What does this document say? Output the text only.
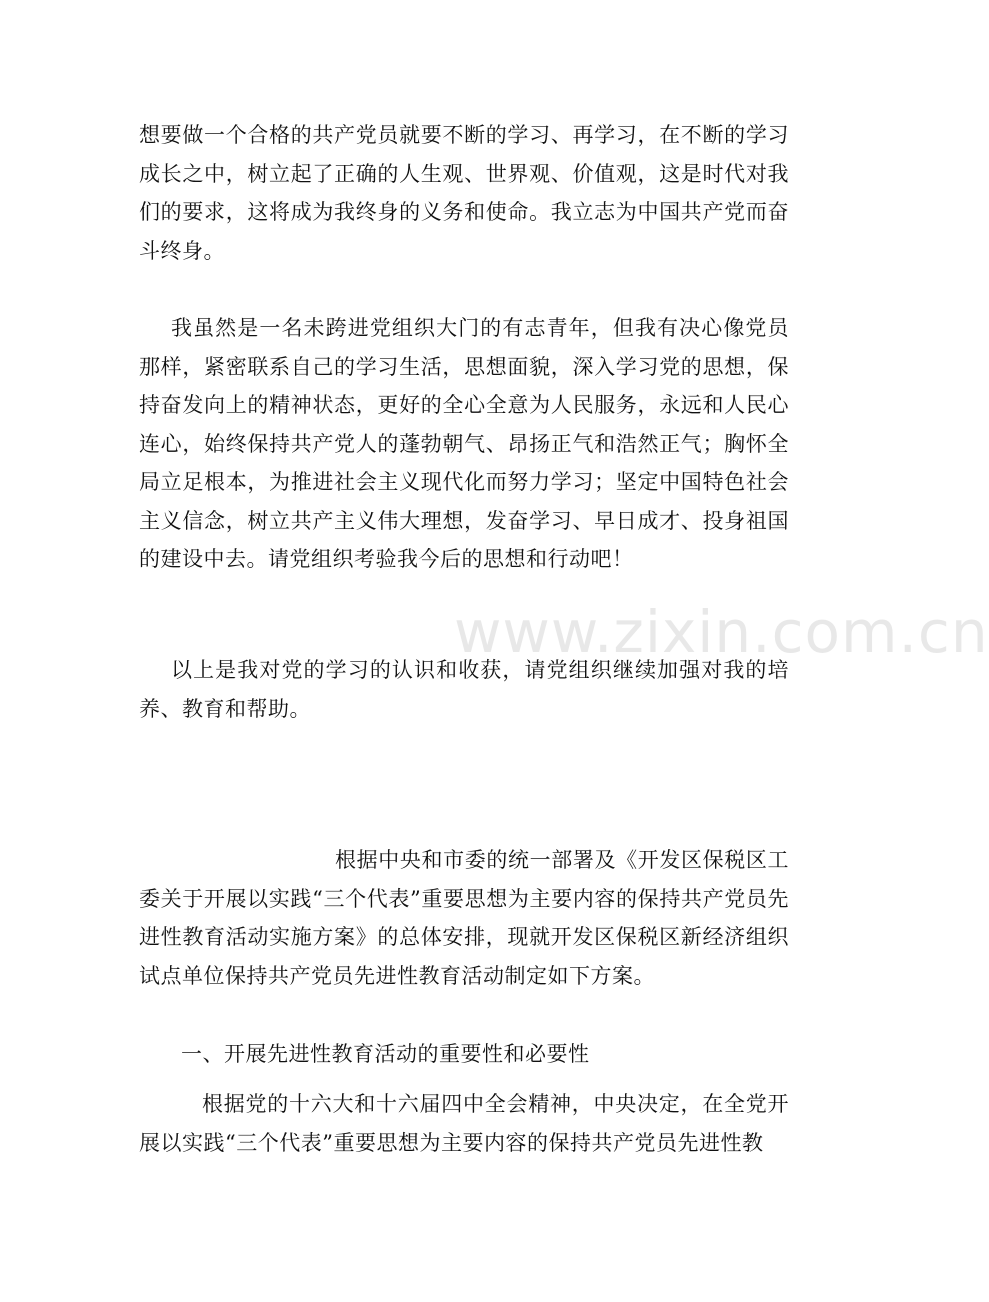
想要做一个合格的共产党员就要不断的学习、再学习，在不断的学习成长之中，树立起了正确的人生观、世界观、价值观，这是时代对我们的要求，这将成为我终身的义务和使命。我立志为中国共产党而奋斗终身。

我虽然是一名未跨进党组织大门的有志青年，但我有决心像党员那样，紧密联系自己的学习生活，思想面貌，深入学习党的思想，保持奋发向上的精神状态，更好的全心全意为人民服务，永远和人民心连心，始终保持共产党人的蓬勃朝气、昂扬正气和浩然正气；胸怀全局立足根本，为推进社会主义现代化而努力学习；坚定中国特色社会主义信念，树立共产主义伟大理想，发奋学习、早日成才、投身祖国的建设中去。请党组织考验我今后的思想和行动吧！

以上是我对党的学习的认识和收获，请党组织继续加强对我的培养、教育和帮助。

根据中央和市委的统一部署及《开发区保税区工委关于开展以实践“三个代表”重要思想为主要内容的保持共产党员先进性教育活动实施方案》的总体安排，现就开发区保税区新经济组织试点单位保持共产党员先进性教育活动制定如下方案。

一、开展先进性教育活动的重要性和必要性

根据党的十六大和十六届四中全会精神，中央决定，在全党开展以实践“三个代表”重要思想为主要内容的保持共产党员先进性教

www.zixin.com.cn
